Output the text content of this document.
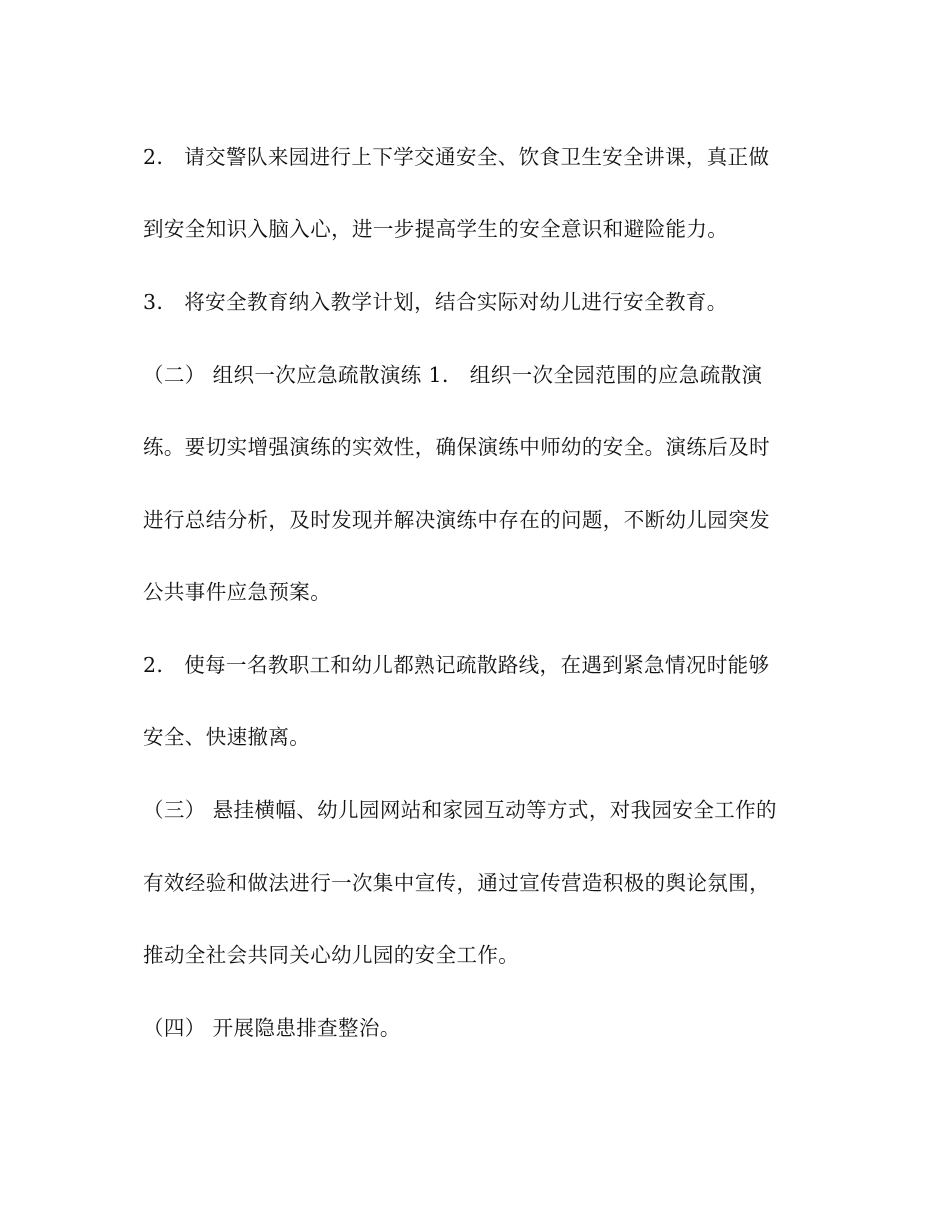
2． 请交警队来园进行上下学交通安全、饮食卫生安全讲课，真正做
到安全知识入脑入心，进一步提高学生的安全意识和避险能力。
3． 将安全教育纳入教学计划，结合实际对幼儿进行安全教育。
（二） 组织一次应急疏散演练 1． 组织一次全园范围的应急疏散演
练。要切实增强演练的实效性，确保演练中师幼的安全。演练后及时
进行总结分析，及时发现并解决演练中存在的问题，不断幼儿园突发
公共事件应急预案。
2． 使每一名教职工和幼儿都熟记疏散路线，在遇到紧急情况时能够
安全、快速撤离。
（三） 悬挂横幅、幼儿园网站和家园互动等方式，对我园安全工作的
有效经验和做法进行一次集中宣传，通过宣传营造积极的舆论氛围，
推动全社会共同关心幼儿园的安全工作。
（四） 开展隐患排查整治。
